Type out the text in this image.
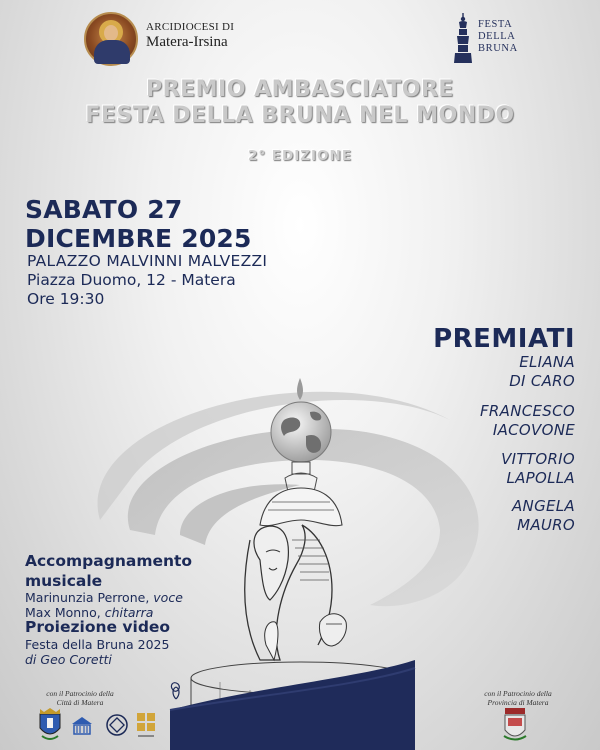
ARCIDIOCESI DI
Matera-Irsina
FESTA
DELLA
BRUNA
PREMIO AMBASCIATORE
FESTA DELLA BRUNA NEL MONDO
2° EDIZIONE
SABATO 27
DICEMBRE 2025
PALAZZO MALVINNI MALVEZZI
Piazza Duomo, 12 - Matera
Ore 19:30
PREMIATI
ELIANA
DI CARO
FRANCESCO
IACOVONE
VITTORIO
LAPOLLA
ANGELA
MAURO
Accompagnamento musicale
Marinunzia Perrone, voce
Max Monno, chitarra
Proiezione video
Festa della Bruna 2025
di Geo Coretti
con il Patrocinio della
Città di Matera
con il Patrocinio della
Provincia di Matera
